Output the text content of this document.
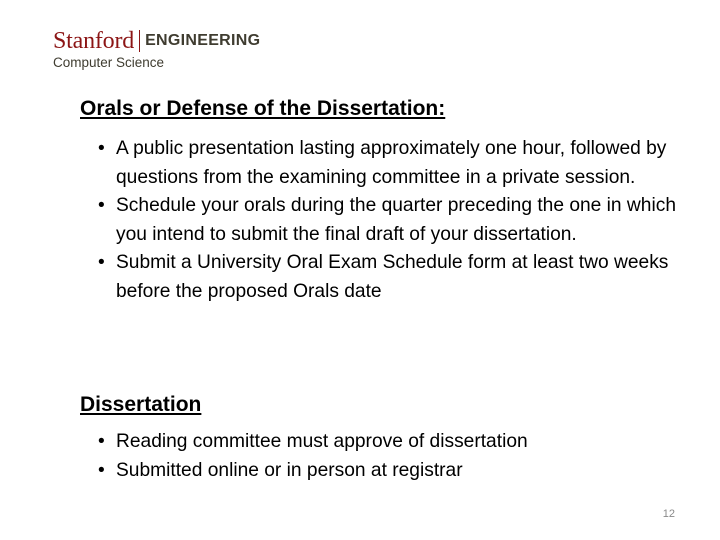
Stanford ENGINEERING
Computer Science
Orals or Defense of the Dissertation:
• A public presentation lasting approximately one hour, followed by questions from the examining committee in a private session.
• Schedule your orals during the quarter preceding the one in which you intend to submit the final draft of your dissertation.
• Submit a University Oral Exam Schedule form at least two weeks before the proposed Orals date
Dissertation
• Reading committee must approve of dissertation
• Submitted online or in person at registrar
12
